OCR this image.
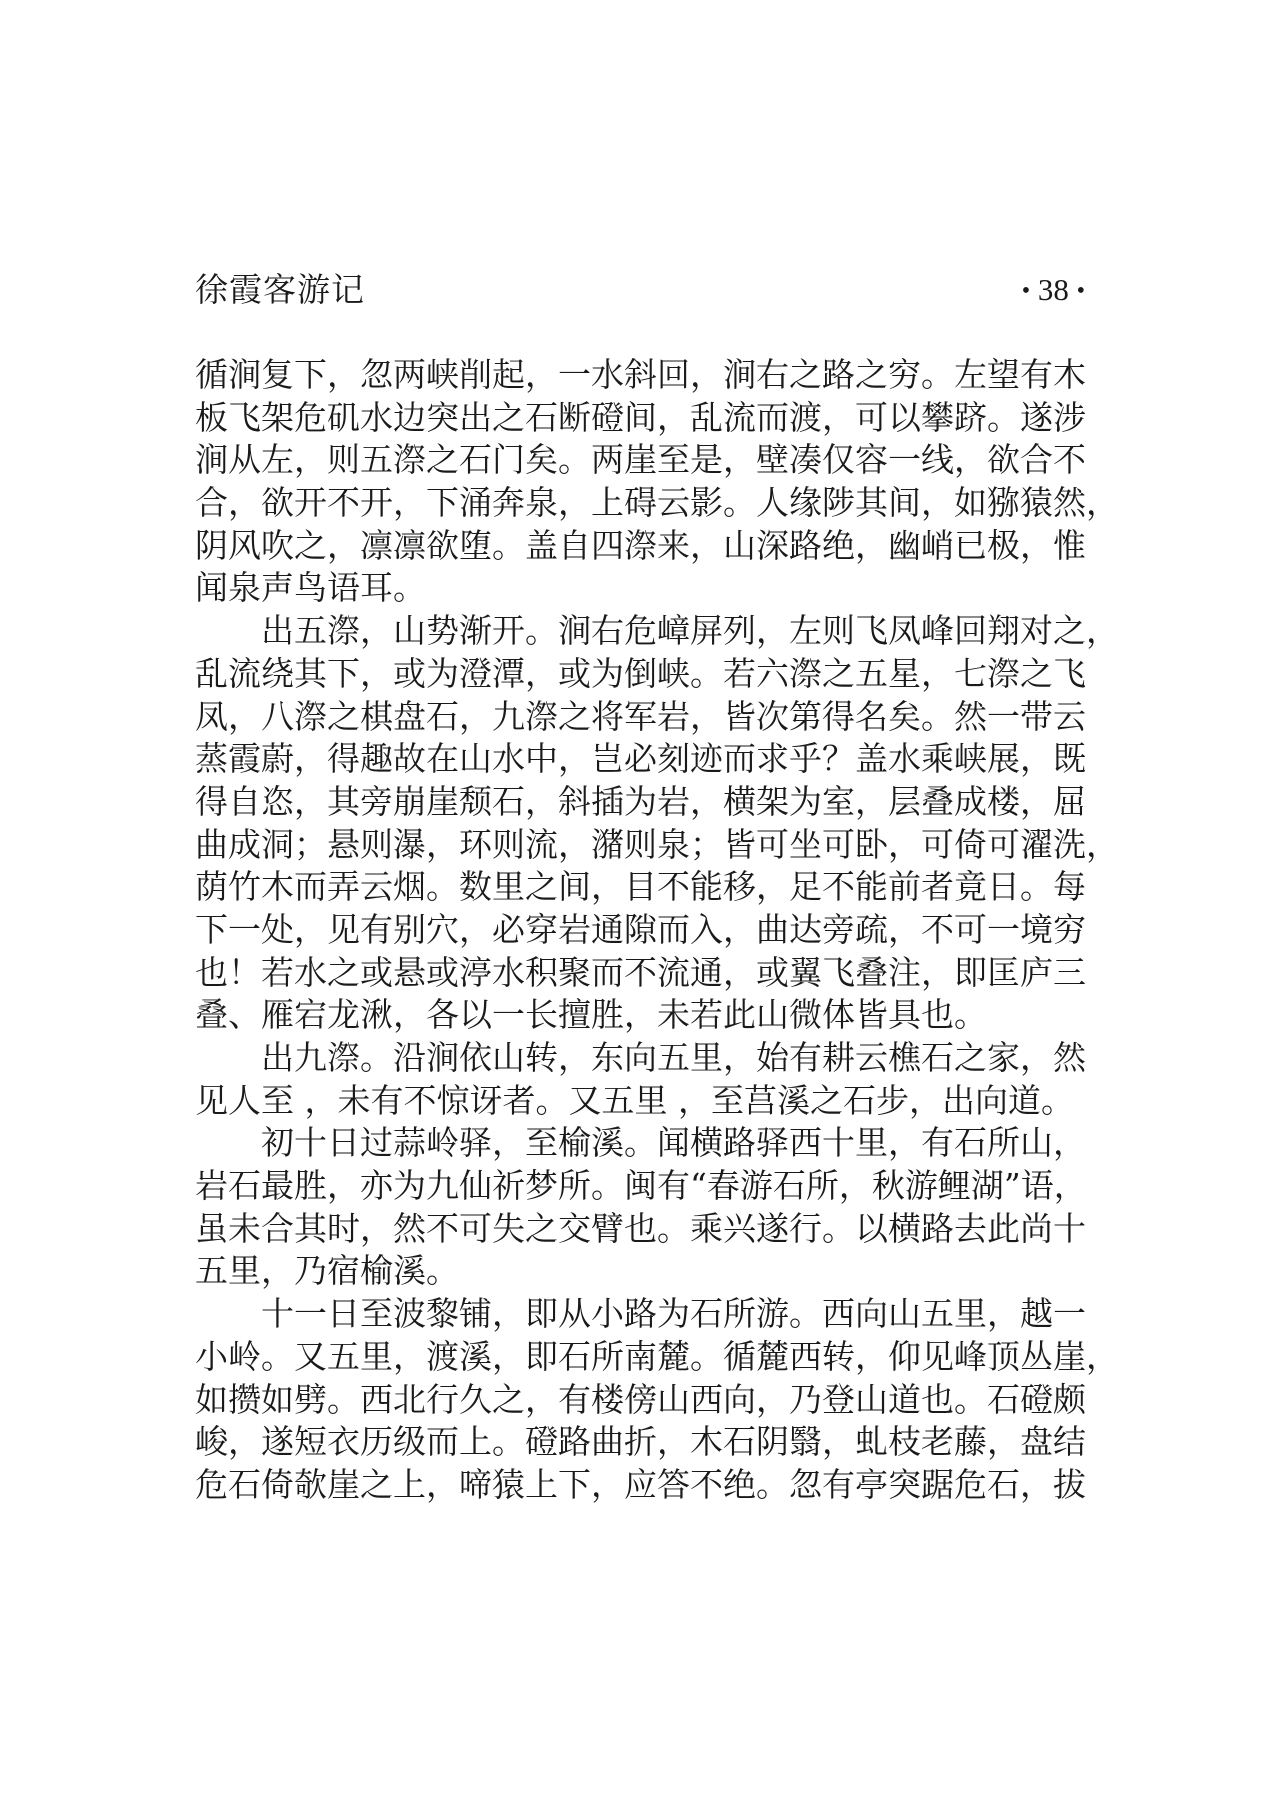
徐霞客游记	• 38 •
循涧复下，忽两峡削起，一水斜回，涧右之路之穷。左望有木
板飞架危矶水边突出之石断磴间，乱流而渡，可以攀跻。遂涉
涧从左，则五漈之石门矣。两崖至是，壁凑仅容一线，欲合不
合，欲开不开，下涌奔泉，上碍云影。人缘陟其间，如猕猿然，
阴风吹之，凛凛欲堕。盖自四漈来，山深路绝，幽峭已极，惟
闻泉声鸟语耳。
出五漈，山势渐开。涧右危嶂屏列，左则飞凤峰回翔对之，
乱流绕其下，或为澄潭，或为倒峡。若六漈之五星，七漈之飞
凤，八漈之棋盘石，九漈之将军岩，皆次第得名矣。然一带云
蒸霞蔚，得趣故在山水中，岂必刻迹而求乎？盖水乘峡展，既
得自恣，其旁崩崖颓石，斜插为岩，横架为室，层叠成楼，屈
曲成洞；悬则瀑，环则流，潴则泉；皆可坐可卧，可倚可濯洗，
荫竹木而弄云烟。数里之间，目不能移，足不能前者竟日。每
下一处，见有别穴，必穿岩通隙而入，曲达旁疏，不可一境穷
也！若水之或悬或渟水积聚而不流通，或翼飞叠注，即匡庐三
叠、雁宕龙湫，各以一长擅胜，未若此山微体皆具也。
出九漈。沿涧依山转，东向五里，始有耕云樵石之家，然
见人至 ，未有不惊讶者。又五里 ，至莒溪之石步，出向道。
初十日过蒜岭驿，至榆溪。闻横路驿西十里，有石所山，
岩石最胜，亦为九仙祈梦所。闽有“春游石所，秋游鲤湖”语，
虽未合其时，然不可失之交臂也。乘兴遂行。以横路去此尚十
五里，乃宿榆溪。
十一日至波黎铺，即从小路为石所游。西向山五里，越一
小岭。又五里，渡溪，即石所南麓。循麓西转，仰见峰顶丛崖，
如攒如劈。西北行久之，有楼傍山西向，乃登山道也。石磴颇
峻，遂短衣历级而上。磴路曲折，木石阴翳，虬枝老藤，盘结
危石倚欹崖之上，啼猿上下，应答不绝。忽有亭突踞危石，拔
